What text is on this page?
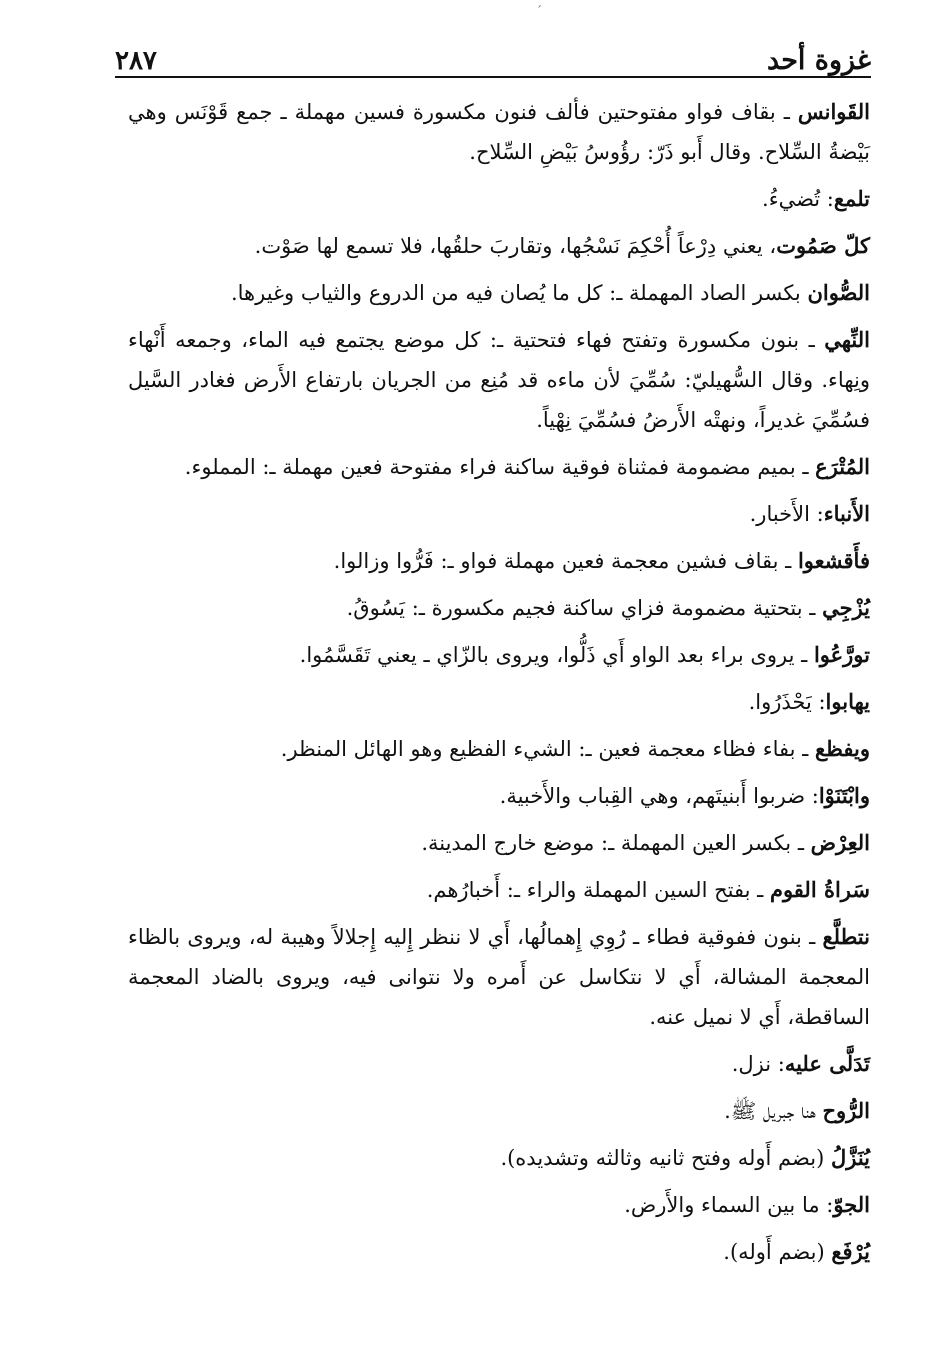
ˊ
غزوة أحد
٢٨٧

القَوانس ـ بقاف فواو مفتوحتين فألف فنون مكسورة فسين مهملة ـ جمع قَوْنَس وهي بَيْضةُ السِّلاح. وقال أَبو ذَرّ: رؤُوسُ بَيْضِ السِّلاح.

تلمع: تُضيءُ.

كلّ صَمُوت، يعني دِرْعاً أُحْكِمَ نَسْجُها، وتقاربَ حلقُها، فلا تسمع لها صَوْت.

الصُّوان بكسر الصاد المهملة ـ: كل ما يُصان فيه من الدروع والثياب وغيرها.

النِّهي ـ بنون مكسورة وتفتح فهاء فتحتية ـ: كل موضع يجتمع فيه الماء، وجمعه أَنْهاء ونِهاء. وقال السُّهيليّ: سُمِّيَ لأن ماءه قد مُنِع من الجريان بارتفاع الأَرض فغادر السَّيل فسُمِّيَ غديراً، ونهتْه الأَرضُ فسُمِّيَ نِهْياً.

المُتْرَع ـ بميم مضمومة فمثناة فوقية ساكنة فراء مفتوحة فعين مهملة ـ: المملوء.

الأَنباء: الأَخبار.

فأَقشعوا ـ بقاف فشين معجمة فعين مهملة فواو ـ: فَرُّوا وزالوا.

يُزْجِي ـ بتحتية مضمومة فزاي ساكنة فجيم مكسورة ـ: يَسُوقُ.

تورَّعُوا ـ يروى براء بعد الواو أَي ذَلُّوا، ويروى بالزّاي ـ يعني تَقَسَّمُوا.

يهابوا: يَحْذَرُوا.

ويفظع ـ بفاء فظاء معجمة فعين ـ: الشيء الفظيع وهو الهائل المنظر.

وابْتَنَوْا: ضربوا أَبنيتَهم، وهي القِباب والأَخبية.

العِرْض ـ بكسر العين المهملة ـ: موضع خارج المدينة.

سَراةُ القوم ـ بفتح السين المهملة والراء ـ: أَخبارُهم.

نتطلَّع ـ بنون ففوقية فطاء ـ رُوِي إِهمالُها، أَي لا ننظر إِليه إِجلالاً وهيبة له، ويروى بالظاء المعجمة المشالة، أَي لا نتكاسل عن أَمره ولا نتوانى فيه، ويروى بالضاد المعجمة الساقطة، أَي لا نميل عنه.

تَدَلَّى عليه: نزل.

الرُّوح هنا جبريل ﷺ.

يُنَزَّلُ (بضم أَوله وفتح ثانيه وثالثه وتشديده).

الجوّ: ما بين السماء والأَرض.

يُرْفَع (بضم أَوله).
